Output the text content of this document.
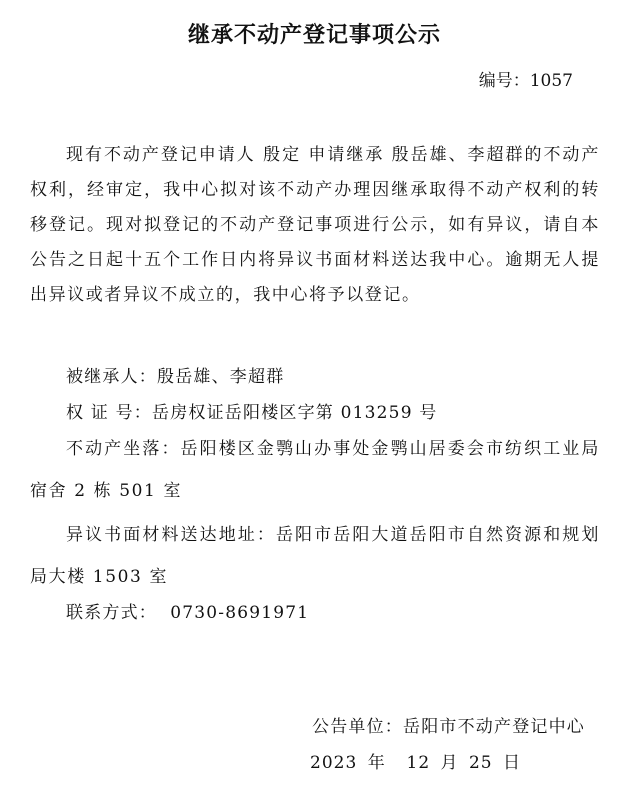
继承不动产登记事项公示
编号：1057
现有不动产登记申请人 殷定 申请继承 殷岳雄、李超群的不动产权利，经审定，我中心拟对该不动产办理因继承取得不动产权利的转移登记。现对拟登记的不动产登记事项进行公示，如有异议，请自本公告之日起十五个工作日内将异议书面材料送达我中心。逾期无人提出异议或者异议不成立的，我中心将予以登记。
被继承人：殷岳雄、李超群
权 证 号：岳房权证岳阳楼区字第 013259 号
不动产坐落：岳阳楼区金鹗山办事处金鹗山居委会市纺织工业局宿舍 2 栋 501 室
异议书面材料送达地址：岳阳市岳阳大道岳阳市自然资源和规划局大楼 1503 室
联系方式：  0730-8691971
公告单位：岳阳市不动产登记中心
2023 年  12 月 25 日
